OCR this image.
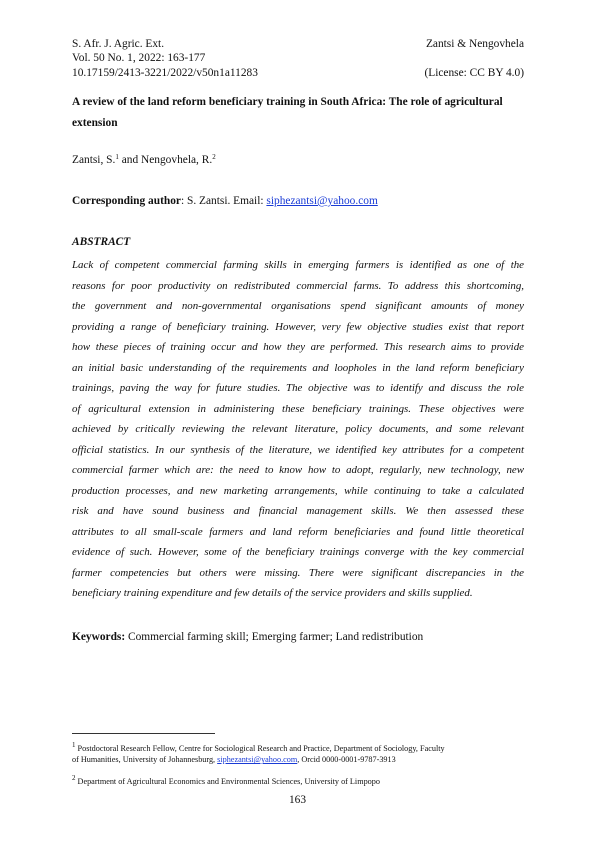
S. Afr. J. Agric. Ext.	Zantsi & Nengovhela
Vol. 50 No. 1, 2022: 163-177
10.17159/2413-3221/2022/v50n1a11283	(License: CC BY 4.0)
A review of the land reform beneficiary training in South Africa: The role of agricultural
extension
Zantsi, S.$^1$ and Nengovhela, R.$^2$
Corresponding author: S. Zantsi. Email: siphezantsi@yahoo.com
ABSTRACT
Lack of competent commercial farming skills in emerging farmers is identified as one of the
reasons for poor productivity on redistributed commercial farms. To address this shortcoming,
the government and non-governmental organisations spend significant amounts of money
providing a range of beneficiary training. However, very few objective studies exist that report
how these pieces of training occur and how they are performed. This research aims to provide
an initial basic understanding of the requirements and loopholes in the land reform beneficiary
trainings, paving the way for future studies. The objective was to identify and discuss the role
of agricultural extension in administering these beneficiary trainings. These objectives were
achieved by critically reviewing the relevant literature, policy documents, and some relevant
official statistics. In our synthesis of the literature, we identified key attributes for a competent
commercial farmer which are: the need to know how to adopt, regularly, new technology, new
production processes, and new marketing arrangements, while continuing to take a calculated
risk and have sound business and financial management skills. We then assessed these
attributes to all small-scale farmers and land reform beneficiaries and found little theoretical
evidence of such. However, some of the beneficiary trainings converge with the key commercial
farmer competencies but others were missing. There were significant discrepancies in the
beneficiary training expenditure and few details of the service providers and skills supplied.
Keywords: Commercial farming skill; Emerging farmer; Land redistribution
$^1$ Postdoctoral Research Fellow, Centre for Sociological Research and Practice, Department of Sociology, Faculty
of Humanities, University of Johannesburg, siphezantsi@yahoo.com, Orcid 0000-0001-9787-3913
$^2$ Department of Agricultural Economics and Environmental Sciences, University of Limpopo
163
